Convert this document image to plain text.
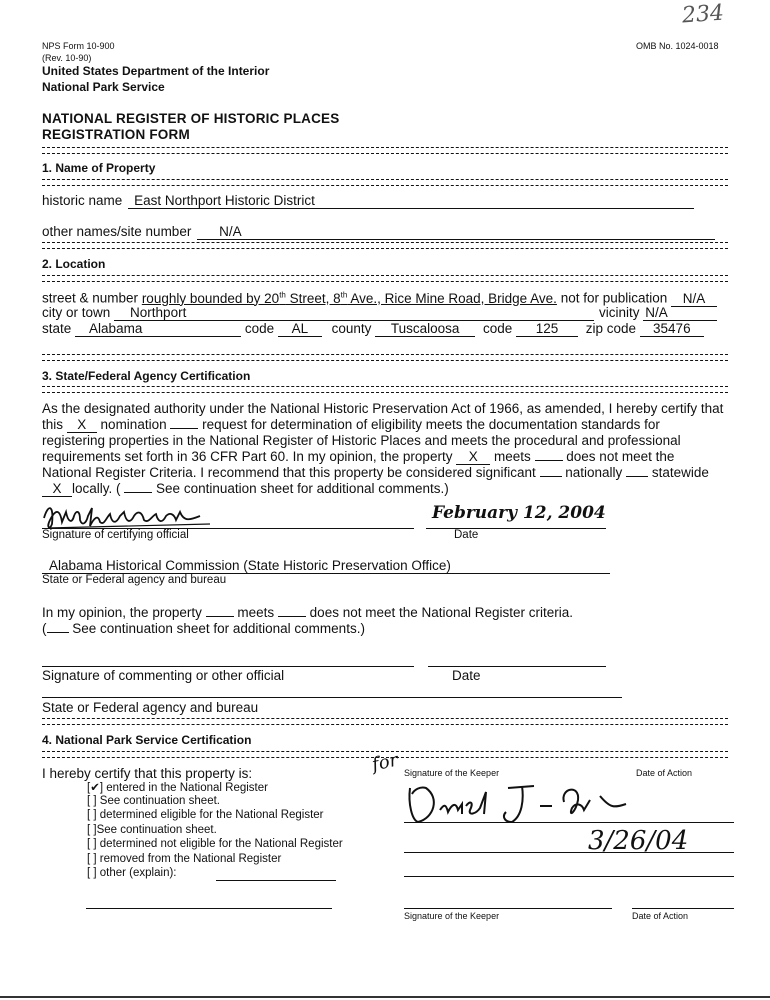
234
NPS Form 10-900
(Rev. 10-90)
OMB No. 1024-0018
United States Department of the Interior
National Park Service
NATIONAL REGISTER OF HISTORIC PLACES
REGISTRATION FORM
1. Name of Property
historic name East Northport Historic District
other names/site number N/A
2. Location
street & number roughly bounded by 20th Street, 8th Ave., Rice Mine Road, Bridge Ave. not for publication N/A
city or town Northport	vicinity N/A
state Alabama	code AL county Tuscaloosa code 125 zip code 35476
3. State/Federal Agency Certification
As the designated authority under the National Historic Preservation Act of 1966, as amended, I hereby certify that
this X nomination	request for determination of eligibility meets the documentation standards for
registering properties in the National Register of Historic Places and meets the procedural and professional
requirements set forth in 36 CFR Part 60. In my opinion, the property X meets	does not meet the
National Register Criteria. I recommend that this property be considered significant nationally statewide
X locally. (	See continuation sheet for additional comments.)
Signature of certifying official	Date
February 12, 2004
Alabama Historical Commission (State Historic Preservation Office)
State or Federal agency and bureau
In my opinion, the property	meets	does not meet the National Register criteria.
( See continuation sheet for additional comments.)
Signature of commenting or other official	Date
State or Federal agency and bureau
4. National Park Service Certification
I hereby certify that this property is:
[✔] entered in the National Register
[ ] See continuation sheet.
[ ] determined eligible for the National Register
[ ]See continuation sheet.
[ ] determined not eligible for the National Register
[ ] removed from the National Register
[ ] other (explain):
for Signature of the Keeper	Date of Action
3/26/04
Signature of the Keeper	Date of Action
